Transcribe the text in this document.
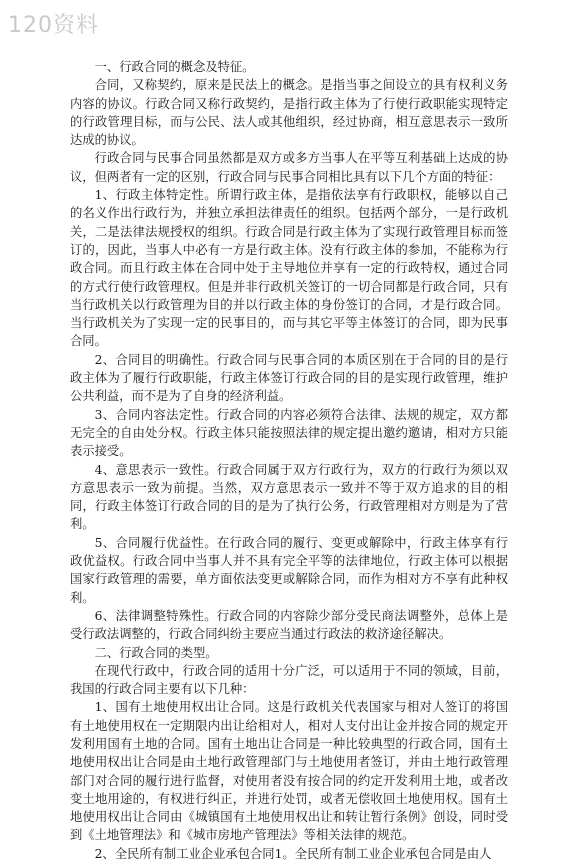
120资料

一、行政合同的概念及特征。

合同，又称契约，原来是民法上的概念。是指当事之间设立的具有权利义务内容的协议。行政合同又称行政契约，是指行政主体为了行使行政职能实现特定的行政管理目标，而与公民、法人或其他组织，经过协商，相互意思表示一致所达成的协议。

行政合同与民事合同虽然都是双方或多方当事人在平等互利基础上达成的协议，但两者有一定的区别，行政合同与民事合同相比具有以下几个方面的特征：

1、行政主体特定性。所谓行政主体，是指依法享有行政职权，能够以自己的名义作出行政行为，并独立承担法律责任的组织。包括两个部分，一是行政机关，二是法律法规授权的组织。行政合同是行政主体为了实现行政管理目标而签订的，因此，当事人中必有一方是行政主体。没有行政主体的参加，不能称为行政合同。而且行政主体在合同中处于主导地位并享有一定的行政特权，通过合同的方式行使行政管理权。但是并非行政机关签订的一切合同都是行政合同，只有当行政机关以行政管理为目的并以行政主体的身份签订的合同，才是行政合同。当行政机关为了实现一定的民事目的，而与其它平等主体签订的合同，即为民事合同。

2、合同目的明确性。行政合同与民事合同的本质区别在于合同的目的是行政主体为了履行行政职能，行政主体签订行政合同的目的是实现行政管理，维护公共利益，而不是为了自身的经济利益。

3、合同内容法定性。行政合同的内容必须符合法律、法规的规定，双方都无完全的自由处分权。行政主体只能按照法律的规定提出邀约邀请，相对方只能表示接受。

4、意思表示一致性。行政合同属于双方行政行为，双方的行政行为须以双方意思表示一致为前提。当然，双方意思表示一致并不等于双方追求的目的相同，行政主体签订行政合同的目的是为了执行公务，行政管理相对方则是为了营利。

5、合同履行优益性。在行政合同的履行、变更或解除中，行政主体享有行政优益权。行政合同中当事人并不具有完全平等的法律地位，行政主体可以根据国家行政管理的需要，单方面依法变更或解除合同，而作为相对方不享有此种权利。

6、法律调整特殊性。行政合同的内容除少部分受民商法调整外，总体上是受行政法调整的，行政合同纠纷主要应当通过行政法的救济途径解决。

二、行政合同的类型。

在现代行政中，行政合同的适用十分广泛，可以适用于不同的领域，目前，我国的行政合同主要有以下几种：

1、国有土地使用权出让合同。这是行政机关代表国家与相对人签订的将国有土地使用权在一定期限内出让给相对人，相对人支付出让金并按合同的规定开发利用国有土地的合同。国有土地出让合同是一种比较典型的行政合同，国有土地使用权出让合同是由土地行政管理部门与土地使用者签订，并由土地行政管理部门对合同的履行进行监督，对使用者没有按合同的约定开发利用土地，或者改变土地用途的，有权进行纠正，并进行处罚，或者无偿收回土地使用权。国有土地使用权出让合同由《城镇国有土地使用权出让和转让暂行条例》创设，同时受到《土地管理法》和《城市房地产管理法》等相关法律的规范。

2、全民所有制工业企业承包合同1。全民所有制工业企业承包合同是由人
